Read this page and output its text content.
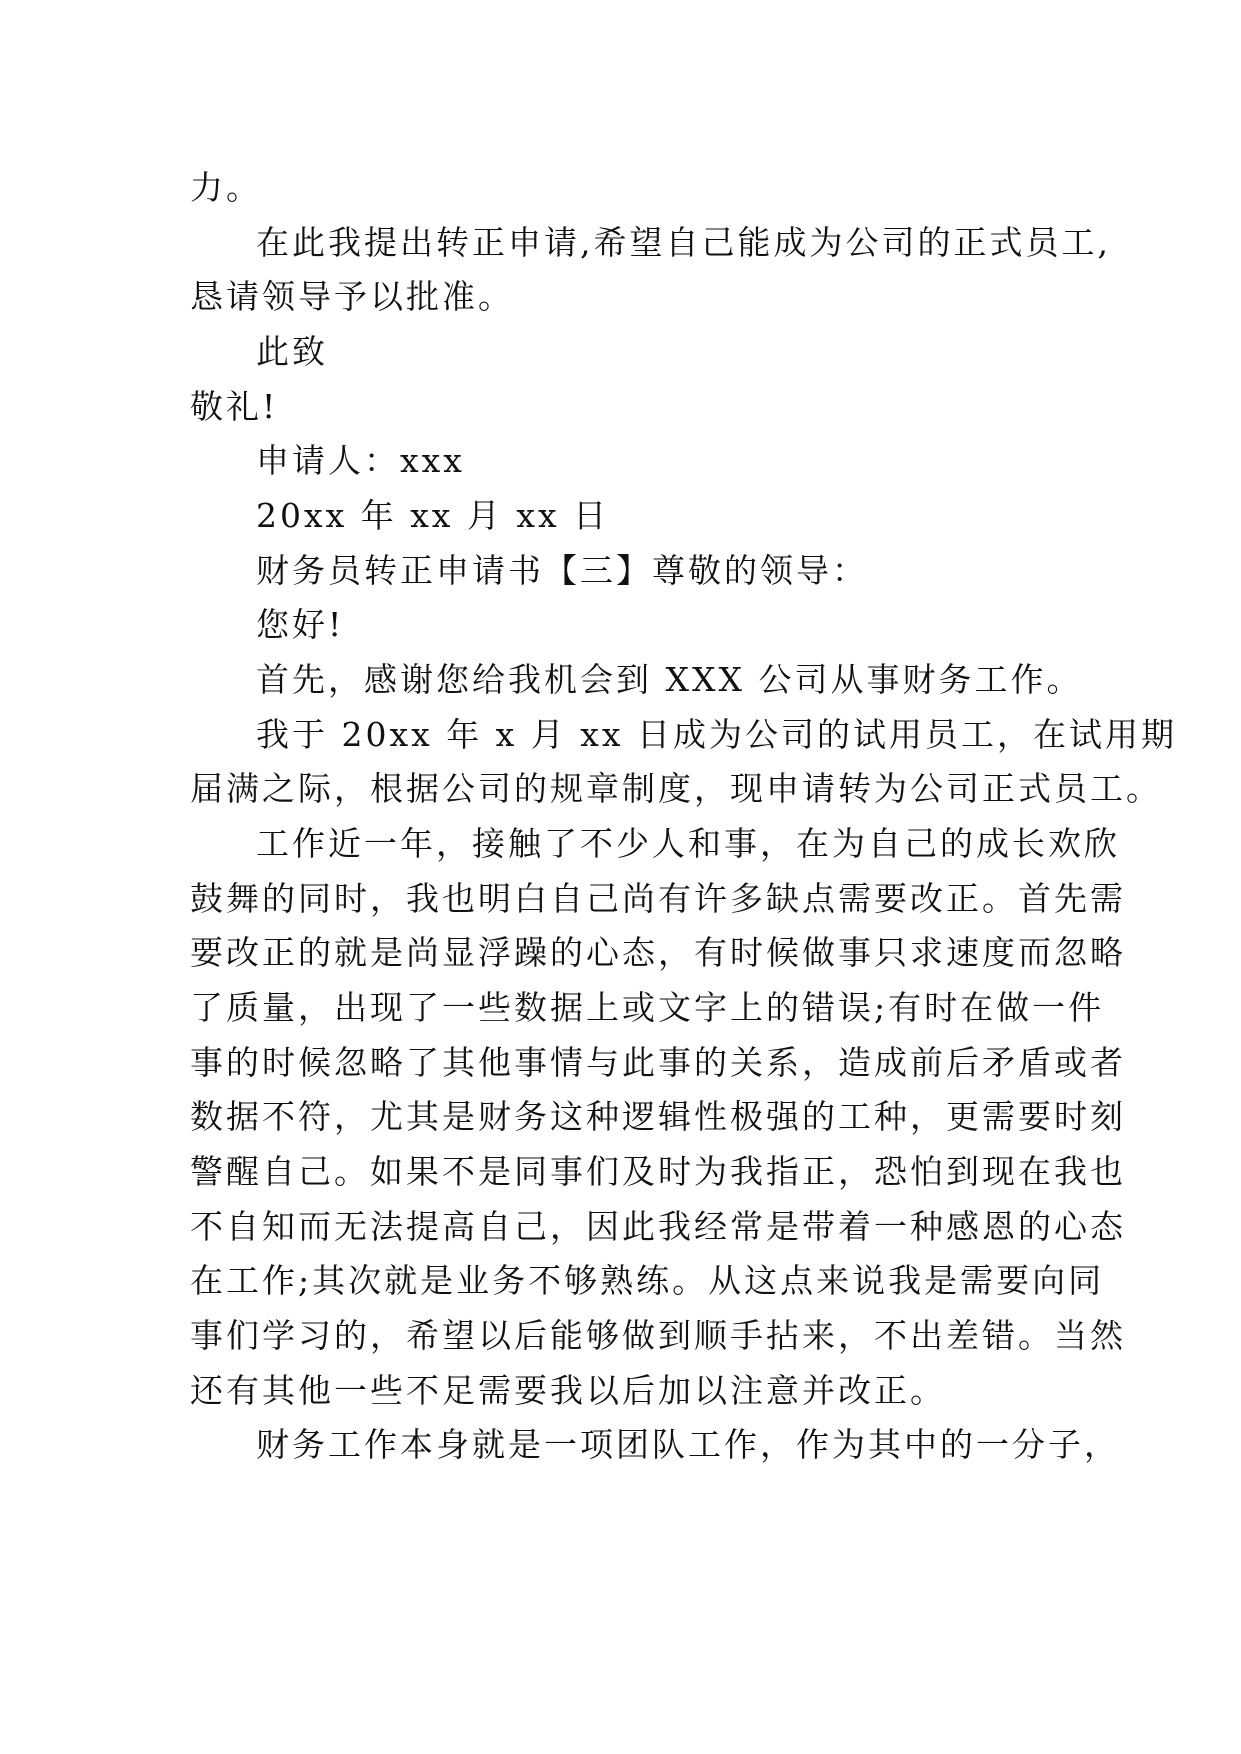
力。
在此我提出转正申请,希望自己能成为公司的正式员工,
恳请领导予以批准。
此致
敬礼!
申请人：xxx
20xx 年 xx 月 xx 日
财务员转正申请书【三】尊敬的领导：
您好!
首先，感谢您给我机会到 XXX 公司从事财务工作。
我于 20xx 年 x 月 xx 日成为公司的试用员工，在试用期
届满之际，根据公司的规章制度，现申请转为公司正式员工。
工作近一年，接触了不少人和事，在为自己的成长欢欣
鼓舞的同时，我也明白自己尚有许多缺点需要改正。首先需
要改正的就是尚显浮躁的心态，有时候做事只求速度而忽略
了质量，出现了一些数据上或文字上的错误;有时在做一件
事的时候忽略了其他事情与此事的关系，造成前后矛盾或者
数据不符，尤其是财务这种逻辑性极强的工种，更需要时刻
警醒自己。如果不是同事们及时为我指正，恐怕到现在我也
不自知而无法提高自己，因此我经常是带着一种感恩的心态
在工作;其次就是业务不够熟练。从这点来说我是需要向同
事们学习的，希望以后能够做到顺手拈来，不出差错。当然
还有其他一些不足需要我以后加以注意并改正。
财务工作本身就是一项团队工作，作为其中的一分子，
